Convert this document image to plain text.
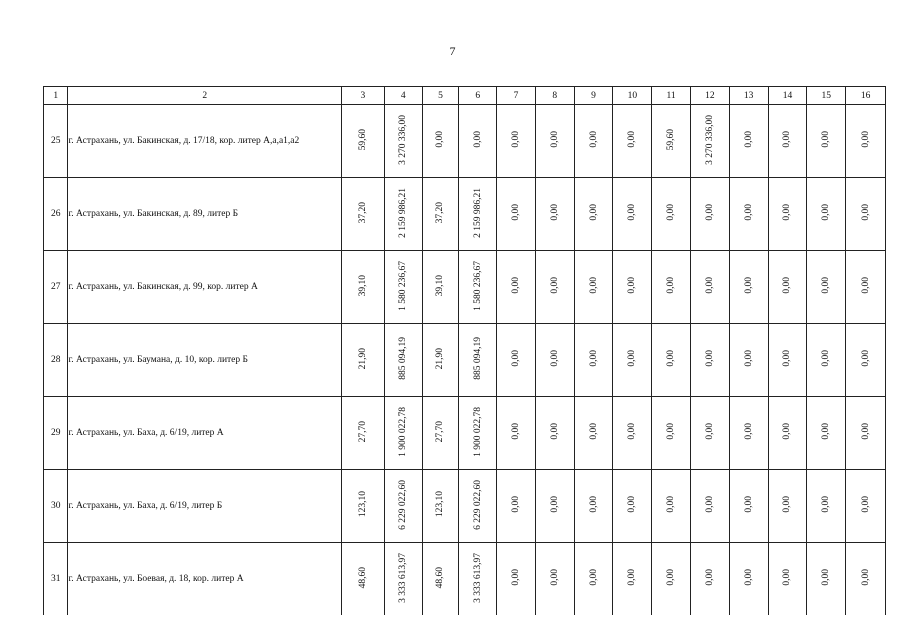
7
1	2	3	4	5	6	7	8	9	10	11	12	13	14	15	16
25	г. Астрахань, ул. Бакинская, д. 17/18, кор. литер А,а,а1,а2	59,60	3 270 336,00	0,00	0,00	0,00	0,00	0,00	0,00	59,60	3 270 336,00	0,00	0,00	0,00	0,00
26	г. Астрахань, ул. Бакинская, д. 89, литер Б	37,20	2 159 986,21	37,20	2 159 986,21	0,00	0,00	0,00	0,00	0,00	0,00	0,00	0,00	0,00	0,00
27	г. Астрахань, ул. Бакинская, д. 99, кор. литер А	39,10	1 580 236,67	39,10	1 580 236,67	0,00	0,00	0,00	0,00	0,00	0,00	0,00	0,00	0,00	0,00
28	г. Астрахань, ул. Баумана, д. 10, кор. литер Б	21,90	885 094,19	21,90	885 094,19	0,00	0,00	0,00	0,00	0,00	0,00	0,00	0,00	0,00	0,00
29	г. Астрахань, ул. Баха, д. 6/19, литер А	27,70	1 900 022,78	27,70	1 900 022,78	0,00	0,00	0,00	0,00	0,00	0,00	0,00	0,00	0,00	0,00
30	г. Астрахань, ул. Баха, д. 6/19, литер Б	123,10	6 229 022,60	123,10	6 229 022,60	0,00	0,00	0,00	0,00	0,00	0,00	0,00	0,00	0,00	0,00
31	г. Астрахань, ул. Боевая, д. 18, кор. литер А	48,60	3 333 613,97	48,60	3 333 613,97	0,00	0,00	0,00	0,00	0,00	0,00	0,00	0,00	0,00	0,00
